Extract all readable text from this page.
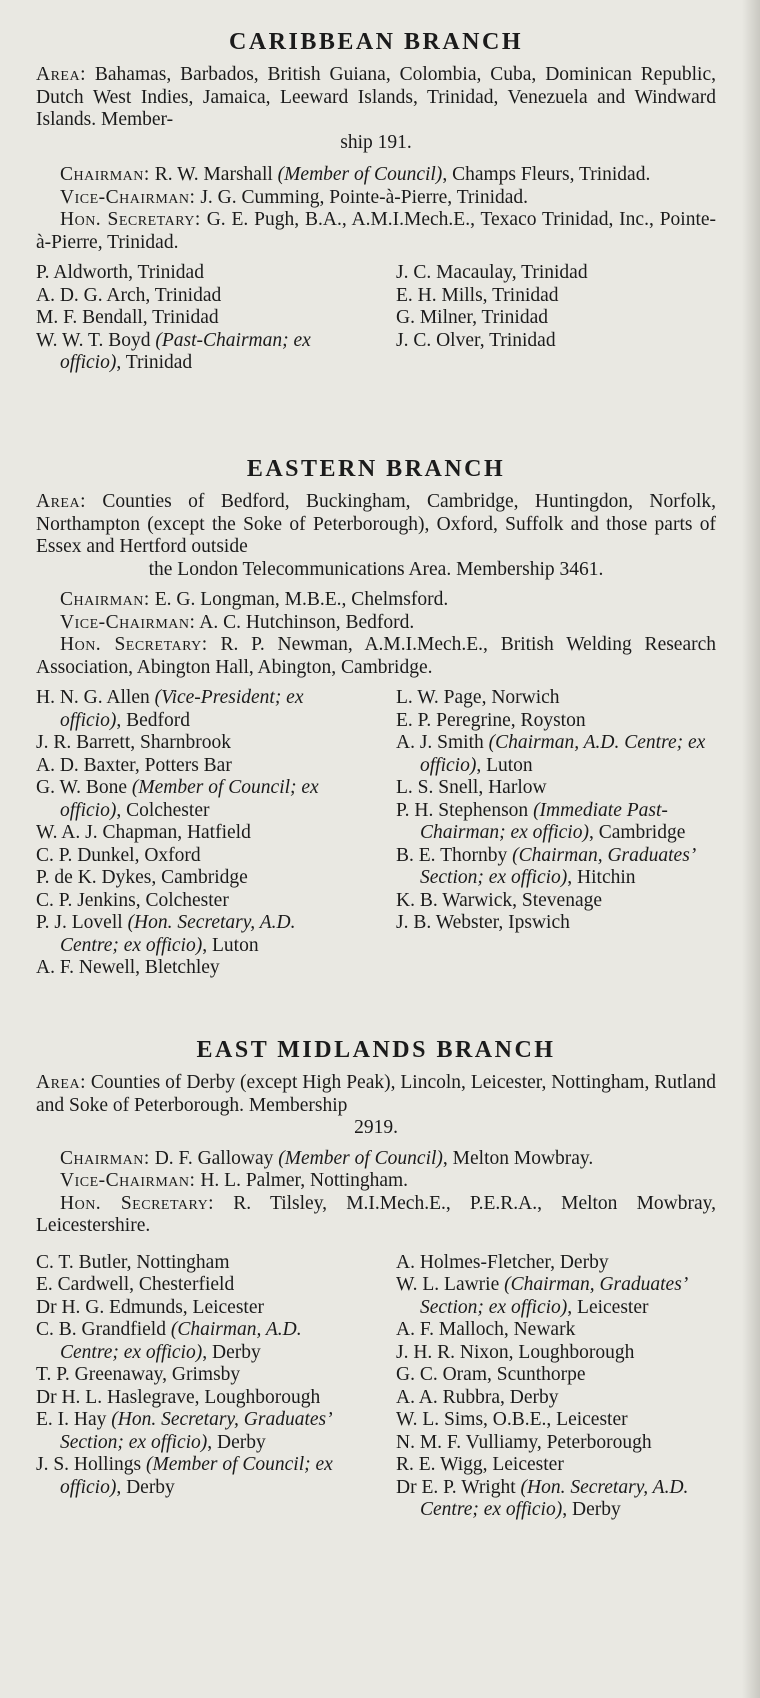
CARIBBEAN BRANCH

Area: Bahamas, Barbados, British Guiana, Colombia, Cuba, Dominican Republic, Dutch West Indies, Jamaica, Leeward Islands, Trinidad, Venezuela and Windward Islands. Member-
ship 191.

Chairman: R. W. Marshall (Member of Council), Champs Fleurs, Trinidad.

Vice-Chairman: J. G. Cumming, Pointe-à-Pierre, Trinidad.

Hon. Secretary: G. E. Pugh, B.A., A.M.I.Mech.E., Texaco Trinidad, Inc., Pointe-à-Pierre, Trinidad.

P. Aldworth, Trinidad

A. D. G. Arch, Trinidad

M. F. Bendall, Trinidad

W. W. T. Boyd (Past-Chairman; ex officio), Trinidad

J. C. Macaulay, Trinidad

E. H. Mills, Trinidad

G. Milner, Trinidad

J. C. Olver, Trinidad

EASTERN BRANCH

Area: Counties of Bedford, Buckingham, Cambridge, Huntingdon, Norfolk, Northampton (except the Soke of Peterborough), Oxford, Suffolk and those parts of Essex and Hertford outside
the London Telecommunications Area. Membership 3461.

Chairman: E. G. Longman, M.B.E., Chelmsford.

Vice-Chairman: A. C. Hutchinson, Bedford.

Hon. Secretary: R. P. Newman, A.M.I.Mech.E., British Welding Research Association, Abington Hall, Abington, Cambridge.

H. N. G. Allen (Vice-President; ex officio), Bedford

J. R. Barrett, Sharnbrook

A. D. Baxter, Potters Bar

G. W. Bone (Member of Council; ex officio), Colchester

W. A. J. Chapman, Hatfield

C. P. Dunkel, Oxford

P. de K. Dykes, Cambridge

C. P. Jenkins, Colchester

P. J. Lovell (Hon. Secretary, A.D. Centre; ex officio), Luton

A. F. Newell, Bletchley

L. W. Page, Norwich

E. P. Peregrine, Royston

A. J. Smith (Chairman, A.D. Centre; ex officio), Luton

L. S. Snell, Harlow

P. H. Stephenson (Immediate Past-Chairman; ex officio), Cambridge

B. E. Thornby (Chairman, Graduates’ Section; ex officio), Hitchin

K. B. Warwick, Stevenage

J. B. Webster, Ipswich

EAST MIDLANDS BRANCH

Area: Counties of Derby (except High Peak), Lincoln, Leicester, Nottingham, Rutland and Soke of Peterborough. Membership
2919.

Chairman: D. F. Galloway (Member of Council), Melton Mowbray.

Vice-Chairman: H. L. Palmer, Nottingham.

Hon. Secretary: R. Tilsley, M.I.Mech.E., P.E.R.A., Melton Mowbray, Leicestershire.

C. T. Butler, Nottingham

E. Cardwell, Chesterfield

Dr H. G. Edmunds, Leicester

C. B. Grandfield (Chairman, A.D. Centre; ex officio), Derby

T. P. Greenaway, Grimsby

Dr H. L. Haslegrave, Loughborough

E. I. Hay (Hon. Secretary, Graduates’ Section; ex officio), Derby

J. S. Hollings (Member of Council; ex officio), Derby

A. Holmes-Fletcher, Derby

W. L. Lawrie (Chairman, Graduates’ Section; ex officio), Leicester

A. F. Malloch, Newark

J. H. R. Nixon, Loughborough

G. C. Oram, Scunthorpe

A. A. Rubbra, Derby

W. L. Sims, O.B.E., Leicester

N. M. F. Vulliamy, Peterborough

R. E. Wigg, Leicester

Dr E. P. Wright (Hon. Secretary, A.D. Centre; ex officio), Derby
